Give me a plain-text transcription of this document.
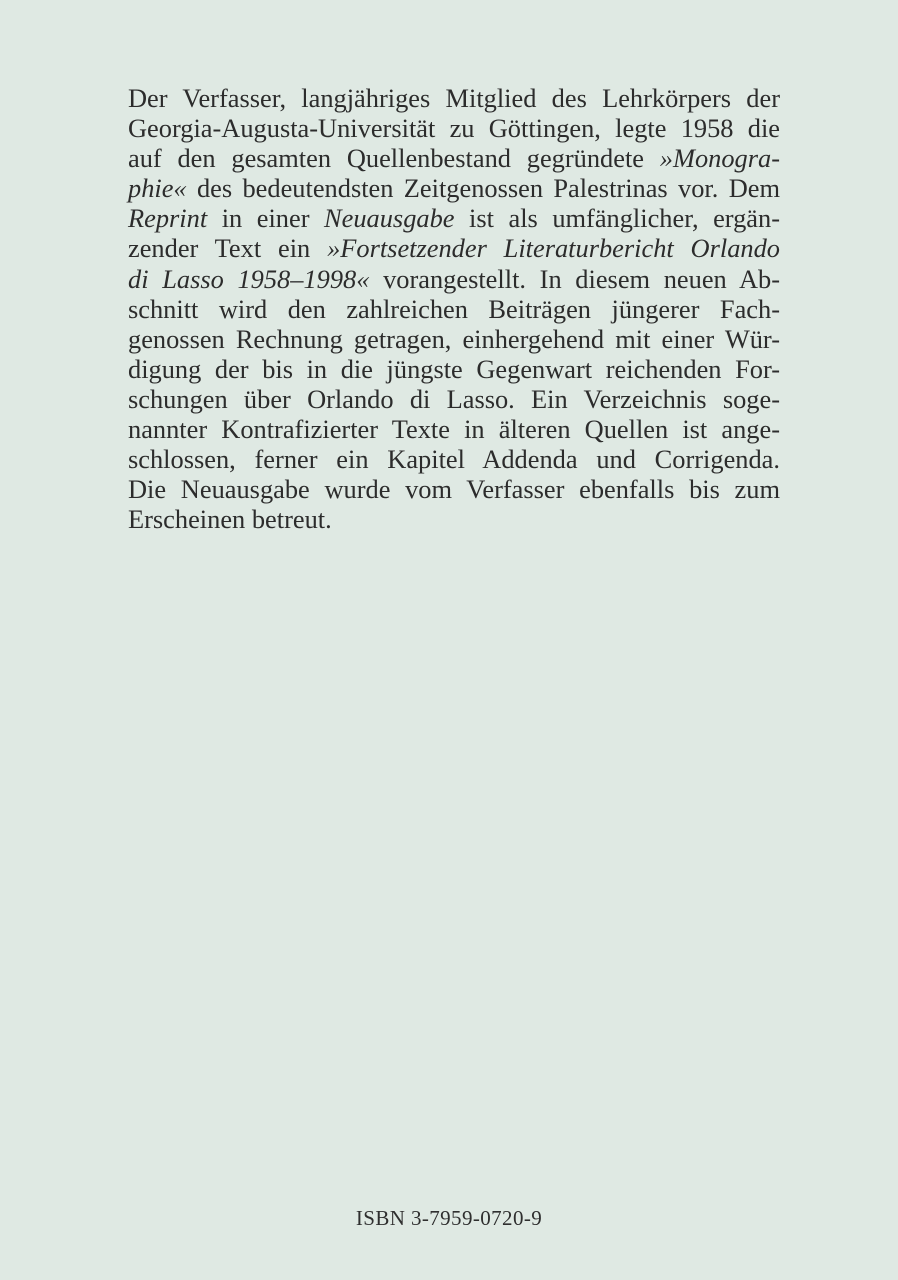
Der Verfasser, langjähriges Mitglied des Lehrkörpers der
Georgia-Augusta-Universität zu Göttingen, legte 1958 die
auf den gesamten Quellenbestand gegründete »Monogra-
phie« des bedeutendsten Zeitgenossen Palestrinas vor. Dem
Reprint in einer Neuausgabe ist als umfänglicher, ergän-
zender Text ein »Fortsetzender Literaturbericht Orlando
di Lasso 1958–1998« vorangestellt. In diesem neuen Ab-
schnitt wird den zahlreichen Beiträgen jüngerer Fach-
genossen Rechnung getragen, einhergehend mit einer Wür-
digung der bis in die jüngste Gegenwart reichenden For-
schungen über Orlando di Lasso. Ein Verzeichnis soge-
nannter Kontrafizierter Texte in älteren Quellen ist ange-
schlossen, ferner ein Kapitel Addenda und Corrigenda.
Die Neuausgabe wurde vom Verfasser ebenfalls bis zum
Erscheinen betreut.
ISBN 3-7959-0720-9
